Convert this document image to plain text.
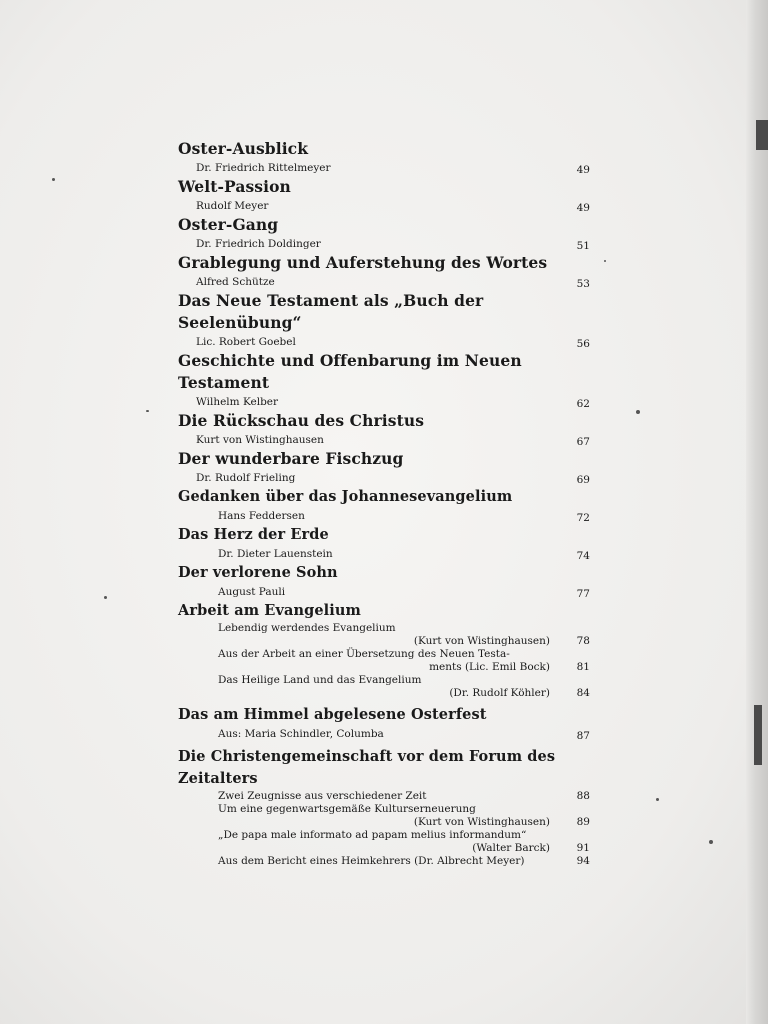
Oster-Ausblick
Dr. Friedrich Rittelmeyer	49
Welt-Passion
Rudolf Meyer	49
Oster-Gang
Dr. Friedrich Doldinger	51
Grablegung und Auferstehung des Wortes
Alfred Schütze	53
Das Neue Testament als „Buch der Seelenübung“
Lic. Robert Goebel	56
Geschichte und Offenbarung im Neuen Testament
Wilhelm Kelber	62
Die Rückschau des Christus
Kurt von Wistinghausen	67
Der wunderbare Fischzug
Dr. Rudolf Frieling	69
Gedanken über das Johannesevangelium
Hans Feddersen	72
Das Herz der Erde
Dr. Dieter Lauenstein	74
Der verlorene Sohn
August Pauli	77
Arbeit am Evangelium
Lebendig werdendes Evangelium
(Kurt von Wistinghausen)	78
Aus der Arbeit an einer Übersetzung des Neuen Testa-
ments (Lic. Emil Bock)	81
Das Heilige Land und das Evangelium
(Dr. Rudolf Köhler)	84
Das am Himmel abgelesene Osterfest
Aus: Maria Schindler, Columba	87
Die Christengemeinschaft vor dem Forum des Zeitalters
Zwei Zeugnisse aus verschiedener Zeit	88
Um eine gegenwartsgemäße Kulturserneuerung
(Kurt von Wistinghausen)	89
„De papa male informato ad papam melius informandum“
(Walter Barck)	91
Aus dem Bericht eines Heimkehrers (Dr. Albrecht Meyer)	94
